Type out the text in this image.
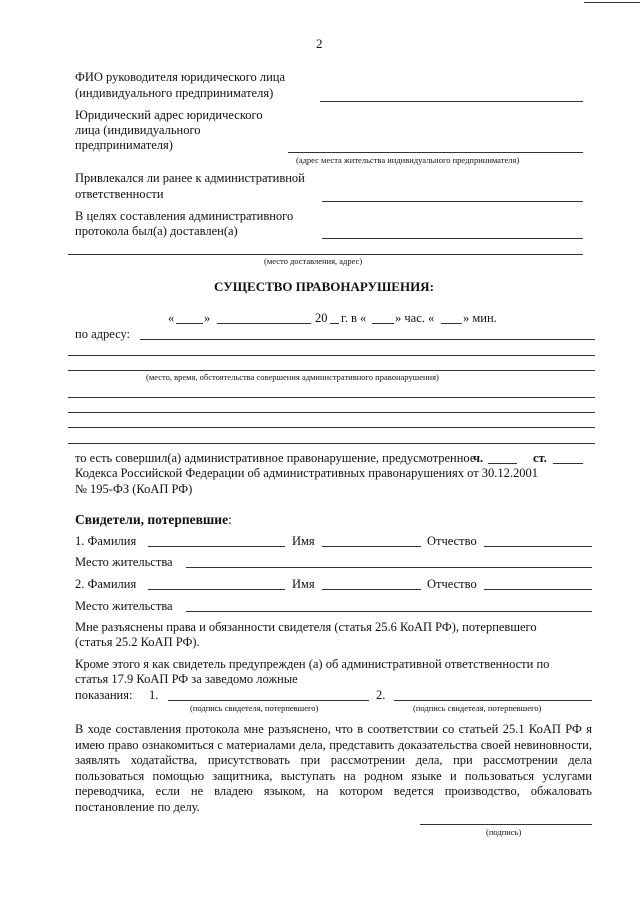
2
ФИО руководителя юридического лица
(индивидуального предпринимателя)
Юридический адрес юридического
лица (индивидуального
предпринимателя)
(адрес места жительства индивидуального предпринимателя)
Привлекался ли ранее к административной
ответственности
В целях составления административного
протокола был(а) доставлен(а)
(место доставления, адрес)
СУЩЕСТВО ПРАВОНАРУШЕНИЯ:
« »	20 г. в « » час. « » мин.
по адресу:
(место, время, обстоятельства совершения административного правонарушения)
то есть совершил(а) административное правонарушение, предусмотренное
ч.	ст.
Кодекса Российской Федерации об административных правонарушениях от 30.12.2001
№ 195-ФЗ (КоАП РФ)
Свидетели, потерпевшие:
1. Фамилия	Имя	Отчество
Место жительства
2. Фамилия	Имя	Отчество
Место жительства
Мне разъяснены права и обязанности свидетеля (статья 25.6 КоАП РФ), потерпевшего
(статья 25.2 КоАП РФ).
Кроме этого я как свидетель предупрежден (а) об административной ответственности по
статья 17.9 КоАП РФ за заведомо ложные
показания: 1.	2.
(подпись свидетеля, потерпевшего)	(подпись свидетеля, потерпевшего)
В ходе составления протокола мне разъяснено, что в соответствии со статьей 25.1 КоАП РФ я имею право ознакомиться с материалами дела, представить доказательства своей невиновности, заявлять ходатайства, присутствовать при рассмотрении дела, при рассмотрении дела пользоваться помощью защитника, выступать на родном языке и пользоваться услугами переводчика, если не владею языком, на котором ведется производство, обжаловать постановление по делу.
(подпись)
